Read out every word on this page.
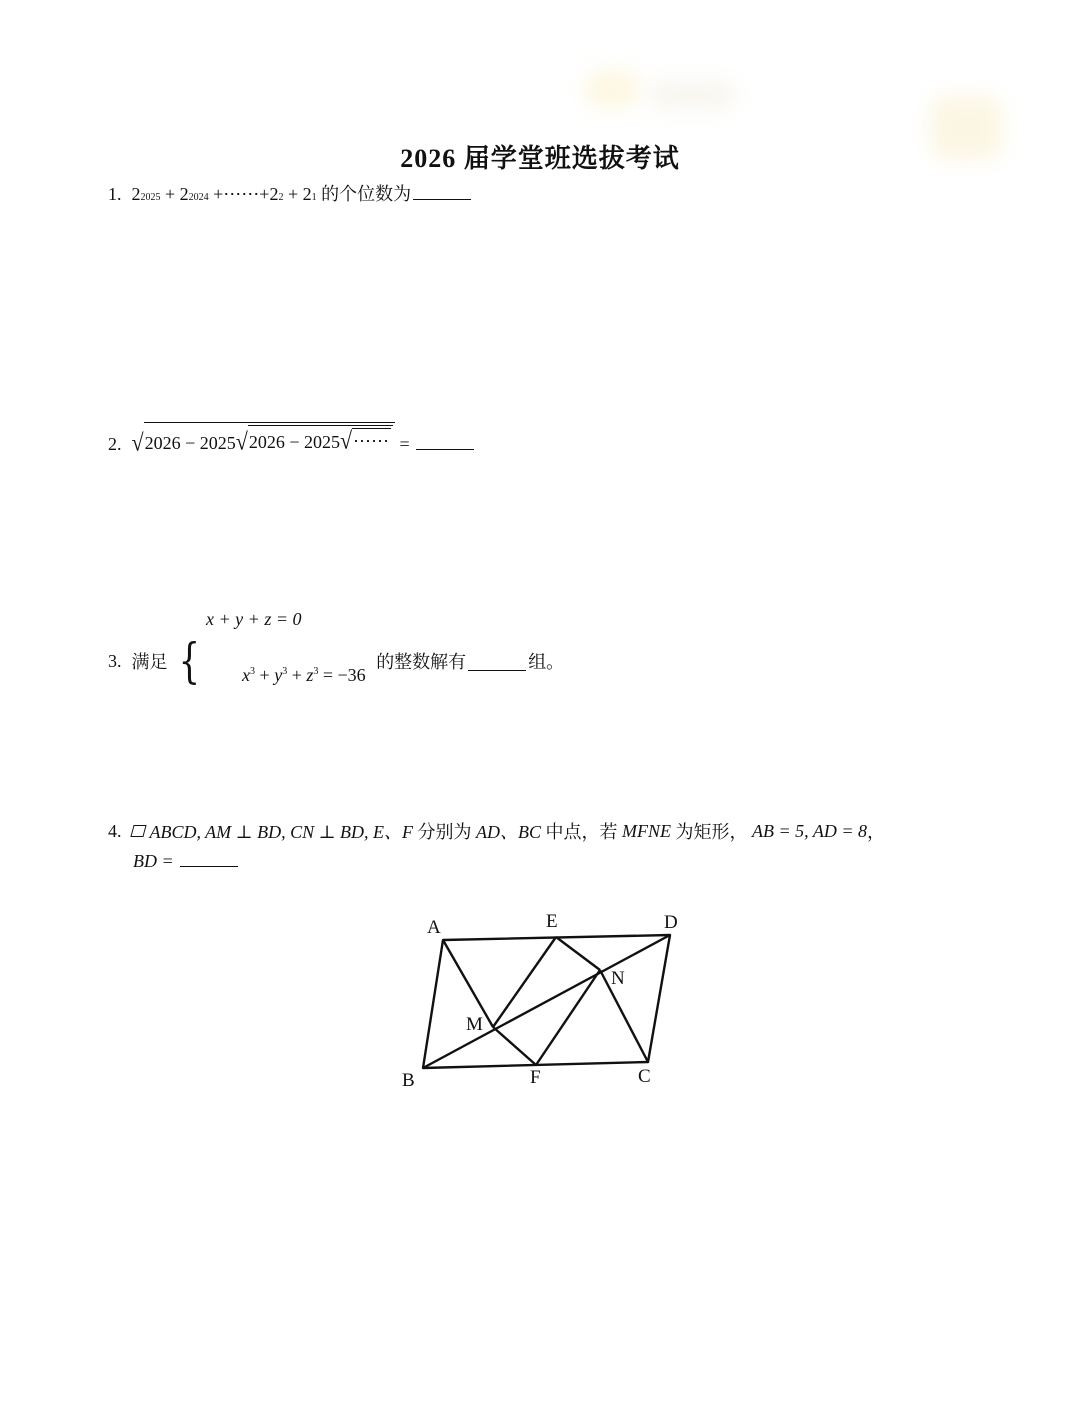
2026 届学堂班选拔考试
1. 2 2025 + 2 2024 +⋯⋯+ 2 2 + 2 1 的个位数为
2. √ 2026 − 2025 √ 2026 − 2025 √ ⋯⋯ =
3. 满足 {
x + y + z = 0

$x^3 + y^3 + z^3 = -36$

的整数解有	组。
4. ABCD, AM ⊥ BD, CN ⊥ BD, E、F 分别为 AD、BC 中点，若 MFNE 为矩形， AB = 5, AD = 8 ，
BD =
A
B	C
D
E
F
M
N
